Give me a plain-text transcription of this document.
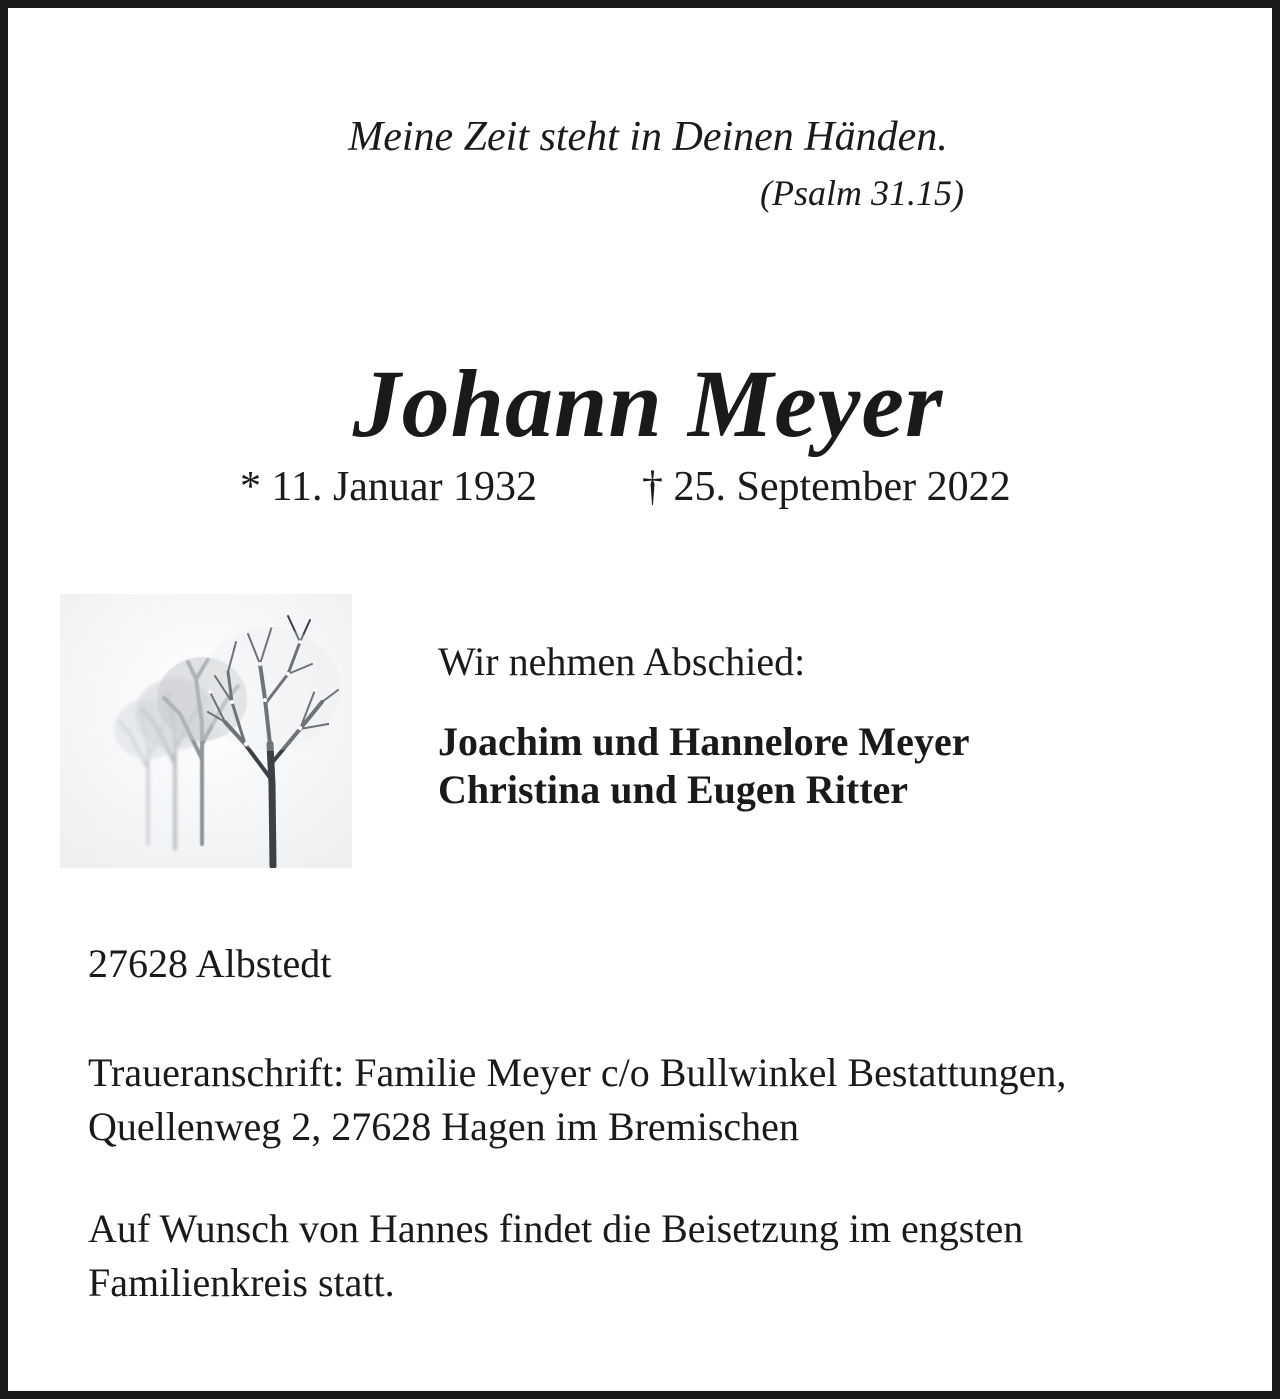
Meine Zeit steht in Deinen Händen.
(Psalm 31.15)
Johann Meyer
* 11. Januar 1932 † 25. September 2022
Wir nehmen Abschied:
Joachim und Hannelore Meyer
Christina und Eugen Ritter
27628 Albstedt
Traueranschrift: Familie Meyer c/o Bullwinkel Bestattungen,
Quellenweg 2, 27628 Hagen im Bremischen
Auf Wunsch von Hannes findet die Beisetzung im engsten
Familienkreis statt.
